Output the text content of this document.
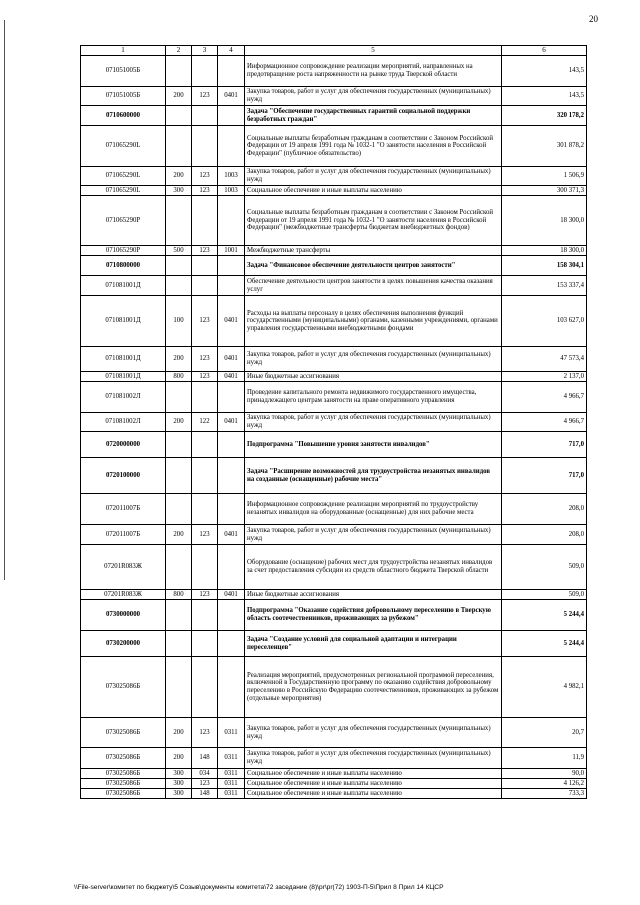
20
1	2	3	4	5	6
071051005Б				Информационное сопровождение реализации мероприятий, направленных на предотвращение роста напряженности на рынке труда Тверской области	143,5
071051005Б	200	123	0401	Закупка товаров, работ и услуг для обеспечения государственных (муниципальных) нужд	143,5
0710600000				Задача "Обеспечение государственных гарантий социальной поддержки безработных граждан"	320 178,2
071065290L				Социальные выплаты безработным гражданам в соответствии с Законом Российской Федерации от 19 апреля 1991 года № 1032-1 "О занятости населения в Российской Федерации" (публичное обязательство)	301 878,2
071065290L	200	123	1003	Закупка товаров, работ и услуг для обеспечения государственных (муниципальных) нужд	1 506,9
071065290L	300	123	1003	Социальное обеспечение и иные выплаты населению	300 371,3
071065290Р				Социальные выплаты безработным гражданам в соответствии с Законом Российской Федерации от 19 апреля 1991 года № 1032-1 "О занятости населения в Российской Федерации" (межбюджетные трансферты бюджетам внебюджетных фондов)	18 300,0
071065290Р	500	123	1001	Межбюджетные трансферты	18 300,0
0710800000				Задача "Финансовое обеспечение деятельности центров занятости"	158 304,1
071081001Д				Обеспечение деятельности центров занятости в целях повышения качества оказания услуг	153 337,4
071081001Д	100	123	0401	Расходы на выплаты персоналу в целях обеспечения выполнения функций государственными (муниципальными) органами, казенными учреждениями, органами управления государственными внебюджетными фондами	103 627,0
071081001Д	200	123	0401	Закупка товаров, работ и услуг для обеспечения государственных (муниципальных) нужд	47 573,4
071081001Д	800	123	0401	Иные бюджетные ассигнования	2 137,0
071081002Л				Проведение капитального ремонта недвижимого государственного имущества, принадлежащего центрам занятости на праве оперативного управления	4 966,7
071081002Л	200	122	0401	Закупка товаров, работ и услуг для обеспечения государственных (муниципальных) нужд	4 966,7
0720000000				Подпрограмма "Повышение уровня занятости инвалидов"	717,0
0720100000				Задача "Расширение возможностей для трудоустройства незанятых инвалидов на созданные (оснащенные) рабочие места"	717,0
072011007Б				Информационное сопровождение реализации мероприятий по трудоустройству незанятых инвалидов на оборудованные (оснащенные) для них рабочие места	208,0
072011007Б	200	123	0401	Закупка товаров, работ и услуг для обеспечения государственных (муниципальных) нужд	208,0
07201R083Ж				Оборудование (оснащение) рабочих мест для трудоустройства незанятых инвалидов за счет предоставления субсидии из средств областного бюджета Тверской области	509,0
07201R083Ж	800	123	0401	Иные бюджетные ассигнования	509,0
0730000000				Подпрограмма "Оказание содействия добровольному переселению в Тверскую область соотечественников, проживающих за рубежом"	5 244,4
0730200000				Задача "Создание условий для социальной адаптации и интеграции переселенцев"	5 244,4
073025086Б				Реализация мероприятий, предусмотренных региональной программой переселения, включенной в Государственную программу по оказанию содействия добровольному переселению в Российскую Федерацию соотечественников, проживающих за рубежом (отдельные мероприятия)	4 982,1
073025086Б	200	123	0311	Закупка товаров, работ и услуг для обеспечения государственных (муниципальных) нужд	20,7
073025086Б	200	148	0311	Закупка товаров, работ и услуг для обеспечения государственных (муниципальных) нужд	11,9
073025086Б	300	034	0311	Социальное обеспечение и иные выплаты населению	90,0
073025086Б	300	123	0311	Социальное обеспечение и иные выплаты населению	4 126,2
073025086Б	300	148	0311	Социальное обеспечение и иные выплаты населению	733,3
\\File-server\комитет по бюджету\5 Созыв\документы комитета\72 заседание (8)\pr\pr(72) 1903-П-5\Прил 8 Прил 14 КЦСР
